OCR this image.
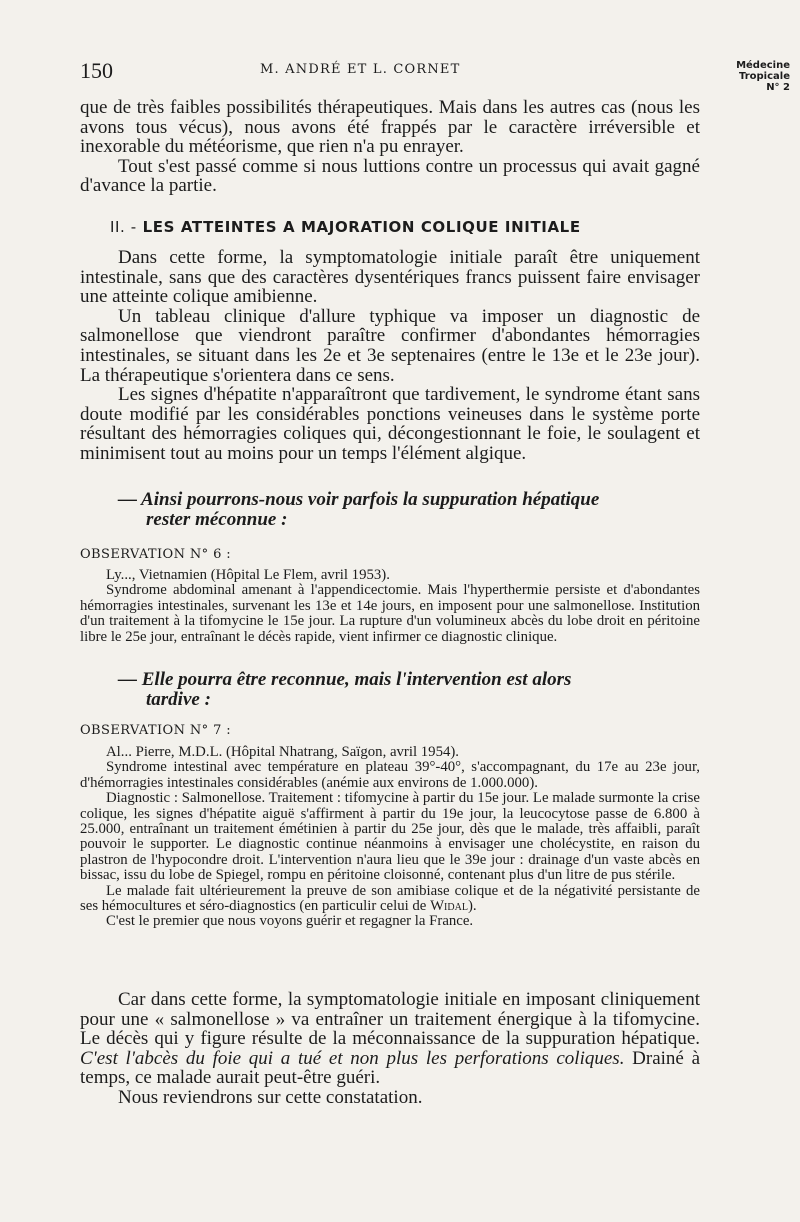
150	M. ANDRÉ ET L. CORNET	Médecine
Tropicale
N° 2

que de très faibles possibilités thérapeutiques. Mais dans les autres cas (nous les avons tous vécus), nous avons été frappés par le caractère irréversible et inexorable du météorisme, que rien n'a pu enrayer.

Tout s'est passé comme si nous luttions contre un processus qui avait gagné d'avance la partie.

II. - LES ATTEINTES A MAJORATION COLIQUE INITIALE

Dans cette forme, la symptomatologie initiale paraît être uniquement intestinale, sans que des caractères dysentériques francs puissent faire envisager une atteinte colique amibienne.

Un tableau clinique d'allure typhique va imposer un diagnostic de salmonellose que viendront paraître confirmer d'abondantes hémorragies intestinales, se situant dans les 2e et 3e septenaires (entre le 13e et le 23e jour). La thérapeutique s'orientera dans ce sens.

Les signes d'hépatite n'apparaîtront que tardivement, le syndrome étant sans doute modifié par les considérables ponctions veineuses dans le système porte résultant des hémorragies coliques qui, décongestionnant le foie, le soulagent et minimisent tout au moins pour un temps l'élément algique.

— Ainsi pourrons-nous voir parfois la suppuration hépatique
rester méconnue :
OBSERVATION N° 6 :

Ly..., Vietnamien (Hôpital Le Flem, avril 1953).

Syndrome abdominal amenant à l'appendicectomie. Mais l'hyperthermie persiste et d'abondantes hémorragies intestinales, survenant les 13e et 14e jours, en imposent pour une salmonellose. Institution d'un traitement à la tifomycine le 15e jour. La rupture d'un volumineux abcès du lobe droit en péritoine libre le 25e jour, entraînant le décès rapide, vient infirmer ce diagnostic clinique.

— Elle pourra être reconnue, mais l'intervention est alors
tardive :
OBSERVATION N° 7 :

Al... Pierre, M.D.L. (Hôpital Nhatrang, Saïgon, avril 1954).

Syndrome intestinal avec température en plateau 39°-40°, s'accompagnant, du 17e au 23e jour, d'hémorragies intestinales considérables (anémie aux environs de 1.000.000).

Diagnostic : Salmonellose. Traitement : tifomycine à partir du 15e jour. Le malade surmonte la crise colique, les signes d'hépatite aiguë s'affirment à partir du 19e jour, la leucocytose passe de 6.800 à 25.000, entraînant un traitement émétinien à partir du 25e jour, dès que le malade, très affaibli, paraît pouvoir le supporter. Le diagnostic continue néanmoins à envisager une cholécystite, en raison du plastron de l'hypocondre droit. L'intervention n'aura lieu que le 39e jour : drainage d'un vaste abcès en bissac, issu du lobe de Spiegel, rompu en péritoine cloisonné, contenant plus d'un litre de pus stérile.

Le malade fait ultérieurement la preuve de son amibiase colique et de la négativité persistante de ses hémocultures et séro-diagnostics (en particulir celui de Widal).

C'est le premier que nous voyons guérir et regagner la France.

Car dans cette forme, la symptomatologie initiale en imposant cliniquement pour une « salmonellose » va entraîner un traitement énergique à la tifomycine. Le décès qui y figure résulte de la méconnaissance de la suppuration hépatique. C'est l'abcès du foie qui a tué et non plus les perforations coliques. Drainé à temps, ce malade aurait peut-être guéri.

Nous reviendrons sur cette constatation.
